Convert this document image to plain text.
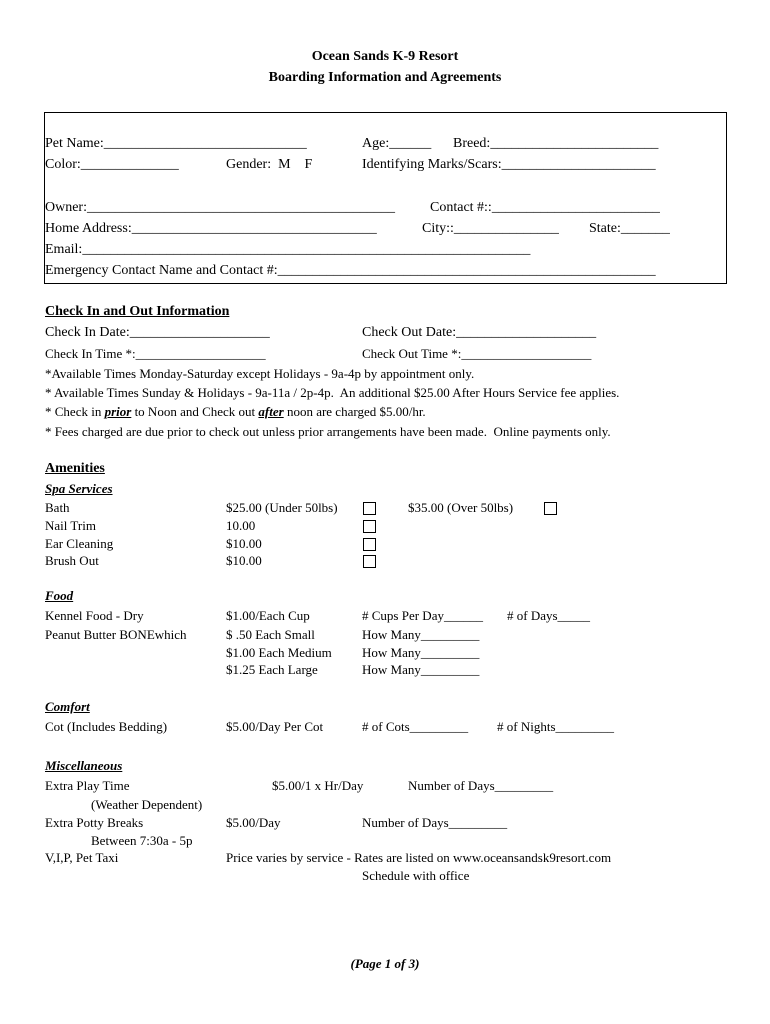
Ocean Sands K-9 Resort
Boarding Information and Agreements
Pet Name:_____________________________	Age:______ Breed:________________________
Color:______________	Gender:  M    F	Identifying Marks/Scars:______________________
Owner:____________________________________________	Contact #::________________________
Home Address:___________________________________	City::_______________ State:_______
Email:________________________________________________________________
Emergency Contact Name and Contact #:______________________________________________________
Check In and Out Information
Check In Date:____________________	Check Out Date:____________________
Check In Time *:____________________	Check Out Time *:____________________
*Available Times Monday-Saturday except Holidays - 9a-4p by appointment only.
* Available Times Sunday & Holidays - 9a-11a / 2p-4p.  An additional $25.00 After Hours Service fee applies.
* Check in prior to Noon and Check out after noon are charged $5.00/hr.
* Fees charged are due prior to check out unless prior arrangements have been made.  Online payments only.
Amenities
Spa Services
Bath	$25.00 (Under 50lbs)	$35.00 (Over 50lbs)
Nail Trim	10.00
Ear Cleaning	$10.00
Brush Out	$10.00
Food
Kennel Food - Dry	$1.00/Each Cup	# Cups Per Day______ # of Days_____
Peanut Butter BONEwhich	$ .50 Each Small	How Many_________
$1.00 Each Medium How Many_________
$1.25 Each Large	How Many_________
Comfort
Cot (Includes Bedding)	$5.00/Day Per Cot	# of Cots_________ # of Nights_________
Miscellaneous
Extra Play Time	$5.00/1 x Hr/Day	Number of Days_________
(Weather Dependent)
Extra Potty Breaks	$5.00/Day	Number of Days_________
Between 7:30a - 5p
V,I,P, Pet Taxi	Price varies by service - Rates are listed on www.oceansandsk9resort.com
Schedule with office
(Page 1 of 3)
